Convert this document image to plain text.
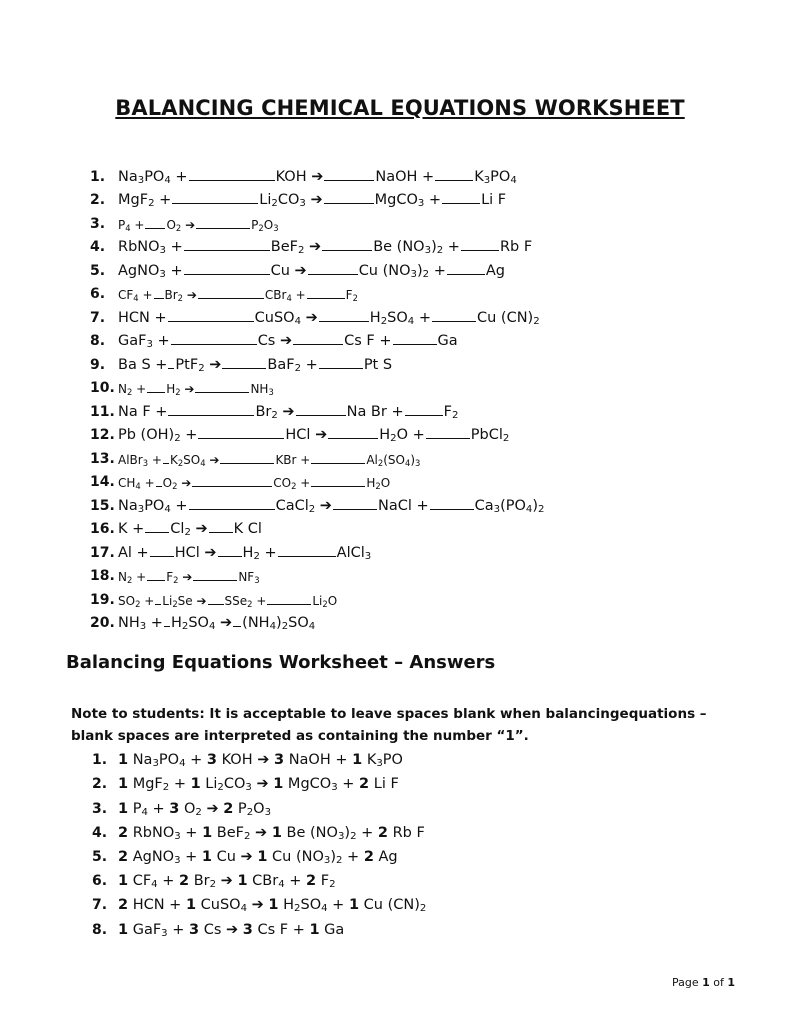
BALANCING CHEMICAL EQUATIONS WORKSHEET
1. $Na_3PO_4$ +	KOH ➔	NaOH +	$K_3PO_4$
2. MgF$_2$ +	$Li_2CO_3$ ➔	MgCO$_3$ +	Li F
3.	$P_4 + O_2$ ➔	$P_2O_3$
4. RbNO$_3$ +	BeF$_2$ ➔	Be $(NO_3)_2$ +	Rb F
5. AgNO$_3$ +	Cu ➔	Cu $(NO_3)_2$ +	Ag
6.	$CF_4 + Br_2$ ➔	CBr$_4$ +	$F_2$
7. HCN +	CuSO$_4$ ➔	$H_2SO_4$ +	Cu $(CN)_2$
8. GaF$_3$ +	Cs ➔	Cs F +	Ga
9. Ba S + PtF$_2$ ➔	BaF$_2$ +	Pt S
10. $N_2 + H_2$ ➔	$NH_3$
11. Na F +	$Br_2$ ➔	Na Br +	$F_2$
12. Pb $(OH)_2$ +	HCl ➔	$H_2O$ +	PbCl$_2$
13. AlBr$_3$ + $K_2SO_4$ ➔	KBr +	$Al_2(SO_4)_3$
14. $CH_4 + O_2$ ➔	$CO_2$ +	$H_2O$
15. $Na_3PO_4$ +	CaCl$_2$ ➔	NaCl +	$Ca_3(PO_4)_2$
16. $K + Cl_2$ ➔ K Cl
17. Al + HCl ➔ $H_2$ +	AlCl$_3$
18. $N_2 + F_2$ ➔	$NF_3$
19. $SO_2 + Li_2Se$ ➔ SSe$_2$ +	$Li_2O$
20. $NH_3 + H_2SO_4$ ➔ $(NH_4)_2SO_4$
Balancing Equations Worksheet – Answers
Note to students: It is acceptable to leave spaces blank when balancingequations – blank spaces are interpreted as containing the number “1”.
1. 1 $Na_3PO_4 + 3$ KOH ➔ 3 NaOH + 1 $K_3PO$
2. 1 MgF$_2$ + 1 $Li_2CO_3$ ➔ 1 MgCO$_3$ + 2 Li F
3. 1 $P_4 + 3$ $O_2$ ➔ 2 $P_2O_3$
4. 2 RbNO$_3$ + 1 BeF$_2$ ➔ 1 Be $(NO_3)_2 + 2$ Rb F
5. 2 AgNO$_3$ + 1 Cu ➔ 1 Cu $(NO_3)_2 + 2$ Ag
6. 1 $CF_4 + 2$ $Br_2$ ➔ 1 CBr$_4$ + 2 $F_2$
7. 2 HCN + 1 CuSO$_4$ ➔ 1 $H_2SO_4 + 1$ Cu $(CN)_2$
8. 1 GaF$_3$ + 3 Cs ➔ 3 Cs F + 1 Ga
Page 1 of 1
